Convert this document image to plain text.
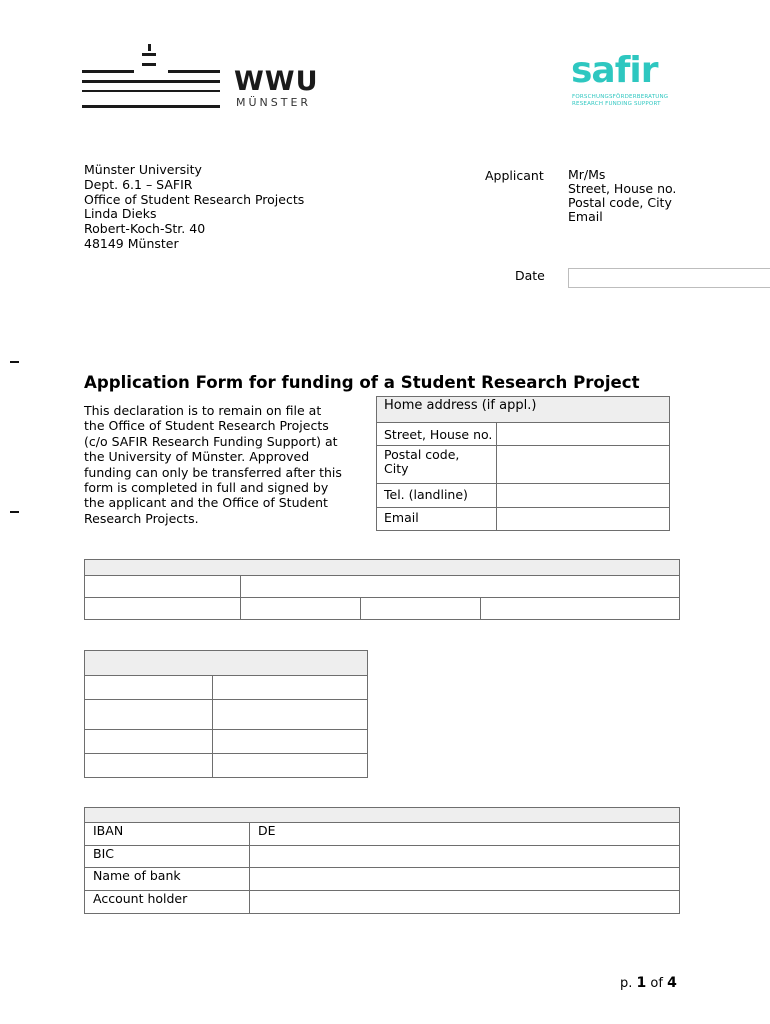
WWU
MÜNSTER
safir
FORSCHUNGSFÖRDERBERATUNG
RESEARCH FUNDING SUPPORT
Münster University
Dept. 6.1 – SAFIR
Office of Student Research Projects
Linda Dieks
Robert-Koch-Str. 40
48149 Münster
Applicant Mr/Ms
Street, House no.
Postal code, City
Email
Date
Application Form for funding of a Student Research Project
This declaration is to remain on file at
the Office of Student Research Projects
(c/o SAFIR Research Funding Support) at
the University of Münster. Approved
funding can only be transferred after this
form is completed in full and signed by
the applicant and the Office of Student
Research Projects.
Home address (if appl.)	
Street, House no.	

Postal code,
City	

Tel. (landline)	
Email	

IBAN	DE
BIC	
Name of bank	
Account holder	
p. 1 of 4
